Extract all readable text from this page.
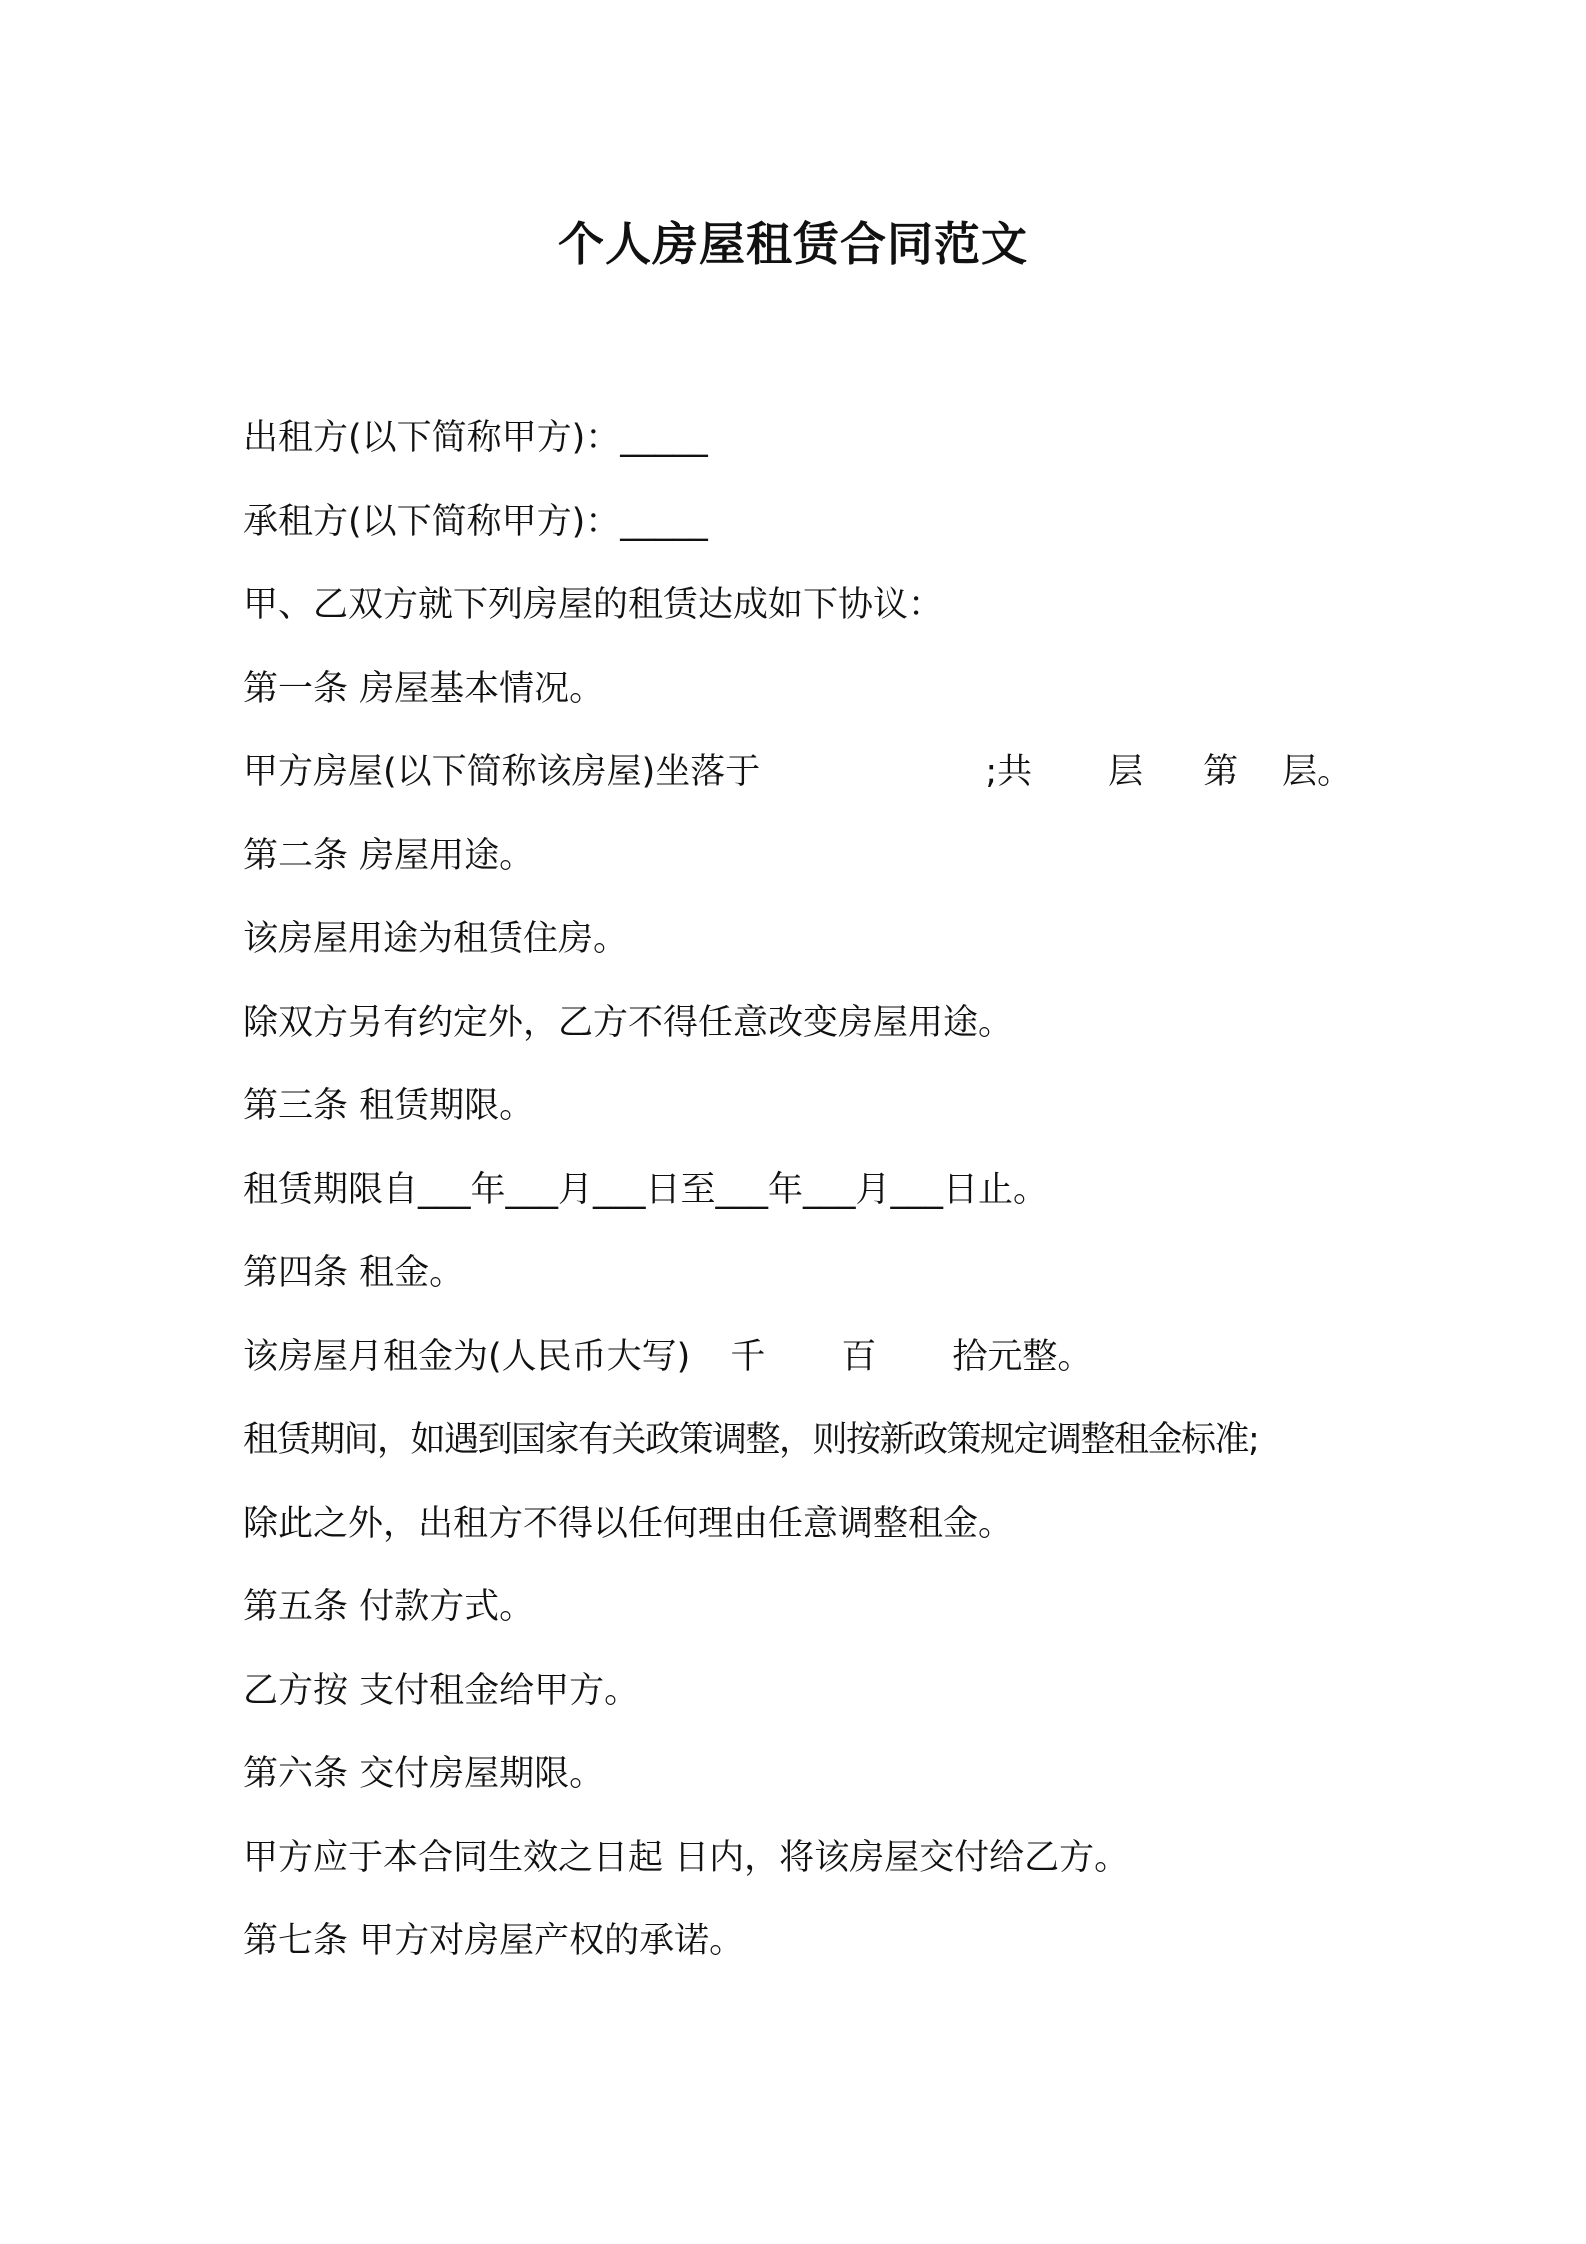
个人房屋租赁合同范文
出租方(以下简称甲方)：_____
承租方(以下简称甲方)：_____
甲、乙双方就下列房屋的租赁达成如下协议：
第一条 房屋基本情况。
甲方房屋(以下简称该房屋)坐落于	;共 层 第 层。
第二条 房屋用途。
该房屋用途为租赁住房。
除双方另有约定外，乙方不得任意改变房屋用途。
第三条 租赁期限。
租赁期限自___年___月___日至___年___月___日止。
第四条 租金。
该房屋月租金为(人民币大写) 千 百 拾元整。
租赁期间，如遇到国家有关政策调整，则按新政策规定调整租金标准;
除此之外，出租方不得以任何理由任意调整租金。
第五条 付款方式。
乙方按 支付租金给甲方。
第六条 交付房屋期限。
甲方应于本合同生效之日起 日内，将该房屋交付给乙方。
第七条 甲方对房屋产权的承诺。
